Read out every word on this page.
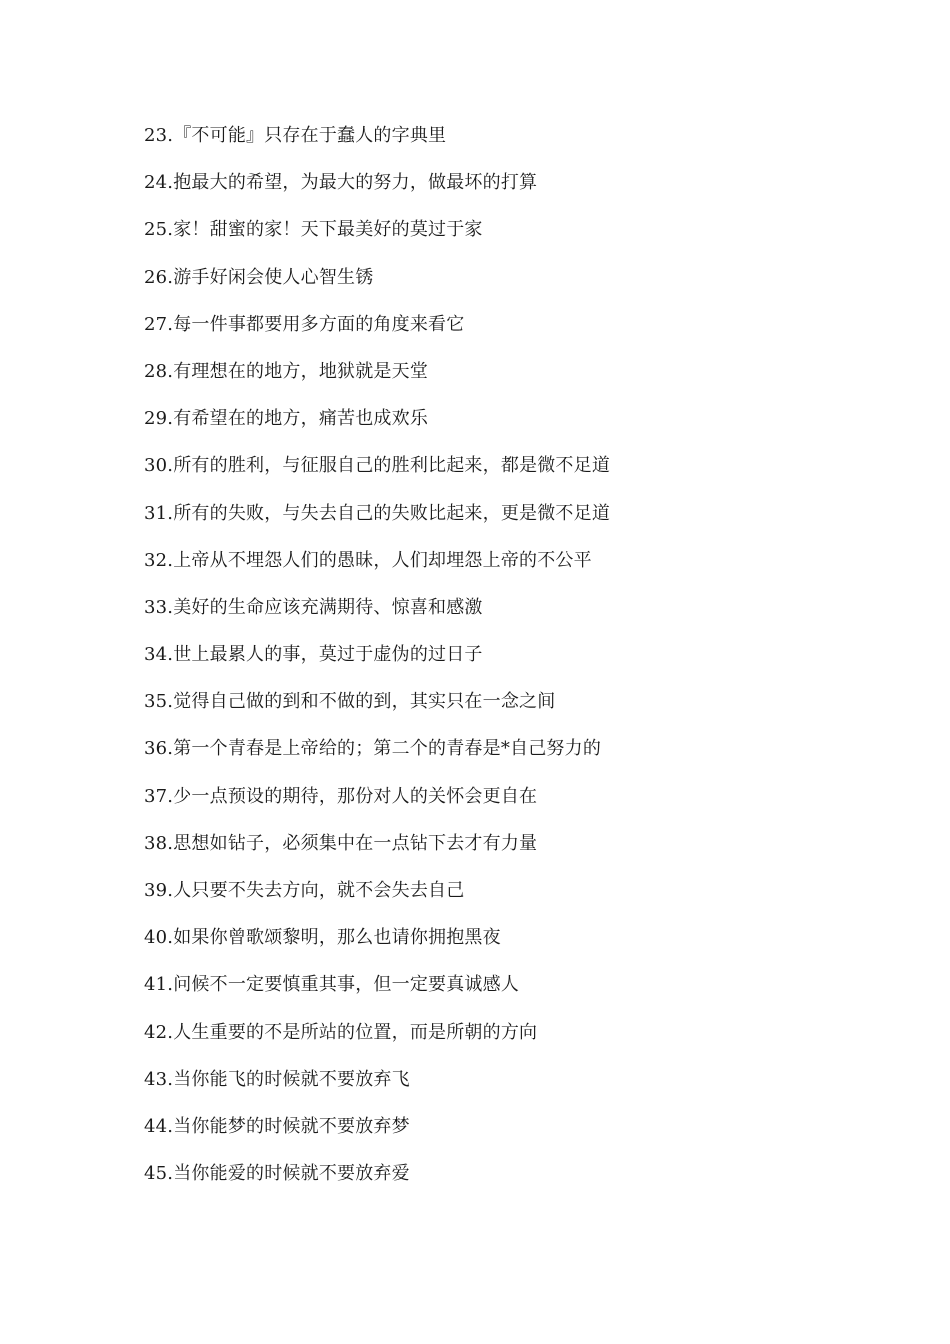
23.『不可能』只存在于蠢人的字典里
24.抱最大的希望，为最大的努力，做最坏的打算
25.家！甜蜜的家！天下最美好的莫过于家
26.游手好闲会使人心智生锈
27.每一件事都要用多方面的角度来看它
28.有理想在的地方，地狱就是天堂
29.有希望在的地方，痛苦也成欢乐
30.所有的胜利，与征服自己的胜利比起来，都是微不足道
31.所有的失败，与失去自己的失败比起来，更是微不足道
32.上帝从不埋怨人们的愚昧，人们却埋怨上帝的不公平
33.美好的生命应该充满期待、惊喜和感激
34.世上最累人的事，莫过于虚伪的过日子
35.觉得自己做的到和不做的到，其实只在一念之间
36.第一个青春是上帝给的；第二个的青春是*自己努力的
37.少一点预设的期待，那份对人的关怀会更自在
38.思想如钻子，必须集中在一点钻下去才有力量
39.人只要不失去方向，就不会失去自己
40.如果你曾歌颂黎明，那么也请你拥抱黑夜
41.问候不一定要慎重其事，但一定要真诚感人
42.人生重要的不是所站的位置，而是所朝的方向
43.当你能飞的时候就不要放弃飞
44.当你能梦的时候就不要放弃梦
45.当你能爱的时候就不要放弃爱
